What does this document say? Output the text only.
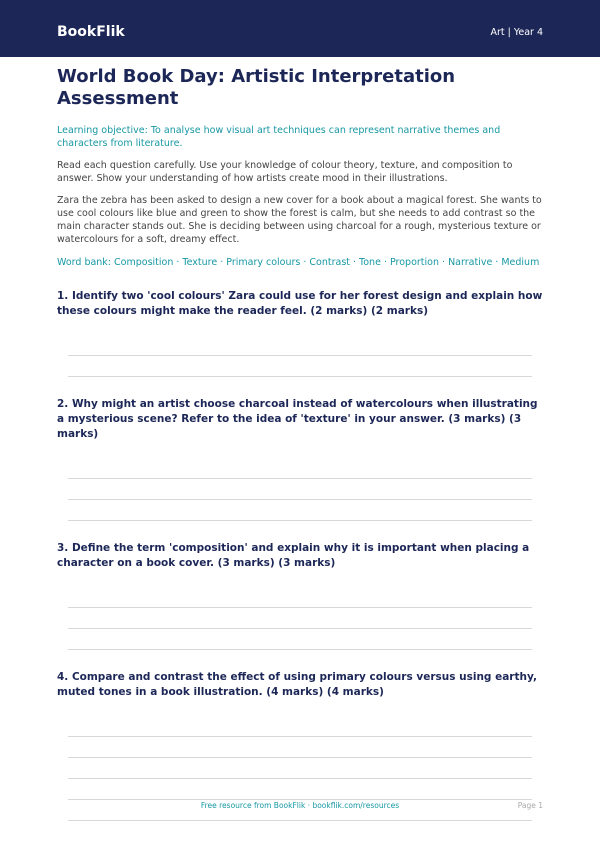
BookFlik	Art | Year 4
World Book Day: Artistic Interpretation Assessment
Learning objective: To analyse how visual art techniques can represent narrative themes and characters from literature.
Read each question carefully. Use your knowledge of colour theory, texture, and composition to answer. Show your understanding of how artists create mood in their illustrations.
Zara the zebra has been asked to design a new cover for a book about a magical forest. She wants to use cool colours like blue and green to show the forest is calm, but she needs to add contrast so the main character stands out. She is deciding between using charcoal for a rough, mysterious texture or watercolours for a soft, dreamy effect.
Word bank: Composition · Texture · Primary colours · Contrast · Tone · Proportion · Narrative · Medium
1. Identify two 'cool colours' Zara could use for her forest design and explain how these colours might make the reader feel. (2 marks) (2 marks)
2. Why might an artist choose charcoal instead of watercolours when illustrating a mysterious scene? Refer to the idea of 'texture' in your answer. (3 marks) (3 marks)
3. Define the term 'composition' and explain why it is important when placing a character on a book cover. (3 marks) (3 marks)
4. Compare and contrast the effect of using primary colours versus using earthy, muted tones in a book illustration. (4 marks) (4 marks)
Free resource from BookFlik · bookflik.com/resources	Page 1
